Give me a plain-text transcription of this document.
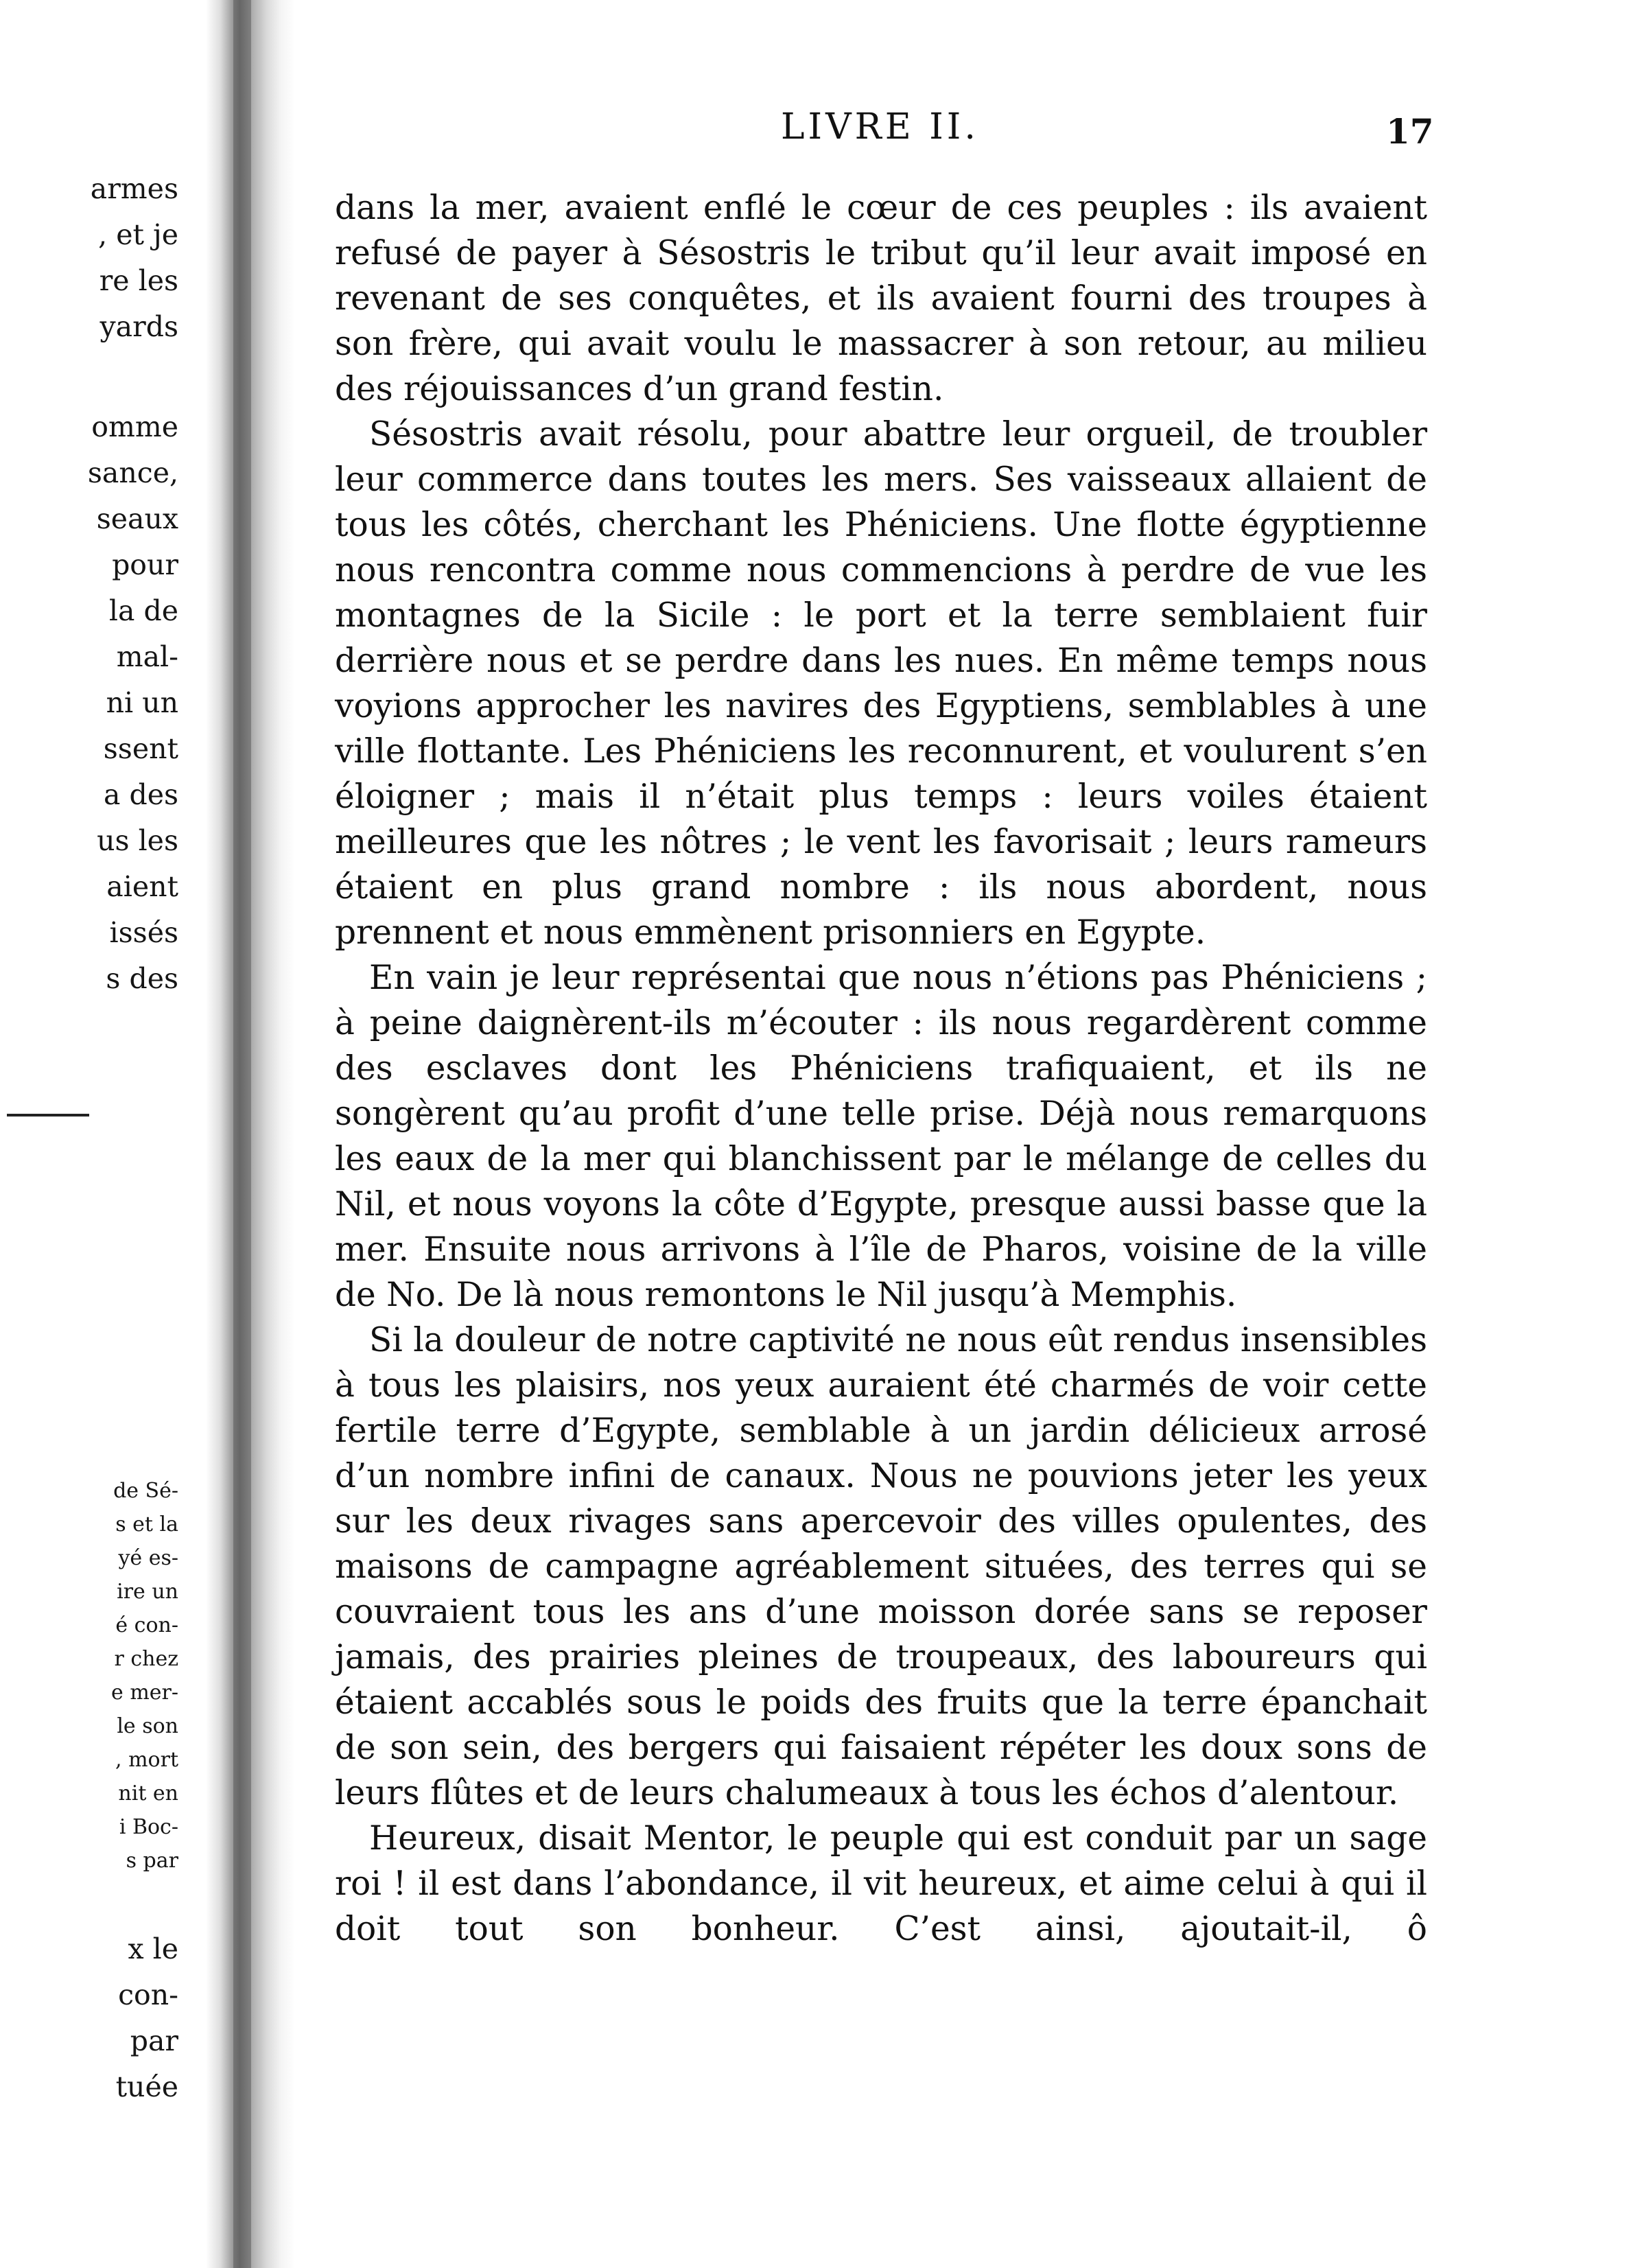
armes
, et je
re les
yards
omme
sance,
seaux
pour
la de
mal-
ni un
ssent
a des
us les
aient
issés
s des
de Sé-
s et la
yé es-
ire un
é con-
r chez
e mer-
le son
, mort
nit en
i Boc-
s par
x le
con-
par
tuée
LIVRE II.	17

dans la mer, avaient enflé le cœur de ces peuples : ils avaient refusé de payer à Sésostris le tribut qu’il leur avait imposé en revenant de ses conquêtes, et ils avaient fourni des troupes à son frère, qui avait voulu le massacrer à son retour, au milieu des réjouissances d’un grand festin.

Sésostris avait résolu, pour abattre leur orgueil, de troubler leur commerce dans toutes les mers. Ses vaisseaux allaient de tous les côtés, cherchant les Phéniciens. Une flotte égyptienne nous rencontra comme nous commencions à perdre de vue les montagnes de la Sicile : le port et la terre semblaient fuir derrière nous et se perdre dans les nues. En même temps nous voyions approcher les navires des Egyptiens, semblables à une ville flottante. Les Phéniciens les reconnurent, et voulurent s’en éloigner ; mais il n’était plus temps : leurs voiles étaient meilleures que les nôtres ; le vent les favorisait ; leurs rameurs étaient en plus grand nombre : ils nous abordent, nous prennent et nous emmènent prisonniers en Egypte.

En vain je leur représentai que nous n’étions pas Phéniciens ; à peine daignèrent-ils m’écouter : ils nous regardèrent comme des esclaves dont les Phéniciens trafiquaient, et ils ne songèrent qu’au profit d’une telle prise. Déjà nous remarquons les eaux de la mer qui blanchissent par le mélange de celles du Nil, et nous voyons la côte d’Egypte, presque aussi basse que la mer. Ensuite nous arrivons à l’île de Pharos, voisine de la ville de No. De là nous remontons le Nil jusqu’à Memphis.

Si la douleur de notre captivité ne nous eût rendus insensibles à tous les plaisirs, nos yeux auraient été charmés de voir cette fertile terre d’Egypte, semblable à un jardin délicieux arrosé d’un nombre infini de canaux. Nous ne pouvions jeter les yeux sur les deux rivages sans apercevoir des villes opulentes, des maisons de campagne agréablement situées, des terres qui se couvraient tous les ans d’une moisson dorée sans se reposer jamais, des prairies pleines de troupeaux, des laboureurs qui étaient accablés sous le poids des fruits que la terre épanchait de son sein, des bergers qui faisaient répéter les doux sons de leurs flûtes et de leurs chalumeaux à tous les échos d’alentour.

Heureux, disait Mentor, le peuple qui est conduit par un sage roi ! il est dans l’abondance, il vit heureux, et aime celui à qui il doit tout son bonheur. C’est ainsi, ajoutait-il, ô
